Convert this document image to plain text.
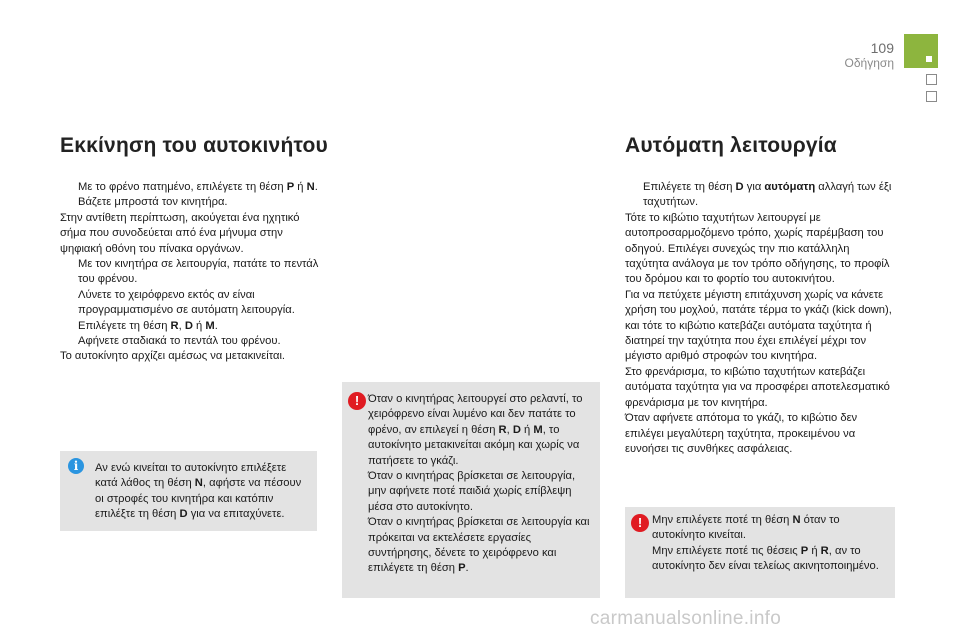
109
Οδήγηση
Εκκίνηση του αυτοκινήτου
Με το φρένο πατημένο, επιλέγετε τη θέση P ή N.
Βάζετε μπροστά τον κινητήρα.

Στην αντίθετη περίπτωση, ακούγεται ένα ηχητικό σήμα που συνοδεύεται από ένα μήνυμα στην ψηφιακή οθόνη του πίνακα οργάνων.

Με τον κινητήρα σε λειτουργία, πατάτε το πεντάλ του φρένου.
Λύνετε το χειρόφρενο εκτός αν είναι προγραμματισμένο σε αυτόματη λειτουργία.
Επιλέγετε τη θέση R, D ή M.
Αφήνετε σταδιακά το πεντάλ του φρένου.

Το αυτοκίνητο αρχίζει αμέσως να μετακινείται.

i	Αν ενώ κινείται το αυτοκίνητο επιλέξετε κατά λάθος τη θέση N, αφήστε να πέσουν οι στροφές του κινητήρα και κατόπιν επιλέξτε τη θέση D για να επιταχύνετε.
! Όταν ο κινητήρας λειτουργεί στο ρελαντί, το χειρόφρενο είναι λυμένο και δεν πατάτε το φρένο, αν επιλεγεί η θέση R, D ή M, το αυτοκίνητο μετακινείται ακόμη και χωρίς να πατήσετε το γκάζι.

Όταν ο κινητήρας βρίσκεται σε λειτουργία, μην αφήνετε ποτέ παιδιά χωρίς επίβλεψη μέσα στο αυτοκίνητο.

Όταν ο κινητήρας βρίσκεται σε λειτουργία και πρόκειται να εκτελέσετε εργασίες συντήρησης, δένετε το χειρόφρενο και επιλέγετε τη θέση P.

Αυτόματη λειτουργία
Επιλέγετε τη θέση D για αυτόματη αλλαγή των έξι ταχυτήτων.

Τότε το κιβώτιο ταχυτήτων λειτουργεί με αυτοπροσαρμοζόμενο τρόπο, χωρίς παρέμβαση του οδηγού. Επιλέγει συνεχώς την πιο κατάλληλη ταχύτητα ανάλογα με τον τρόπο οδήγησης, το προφίλ του δρόμου και το φορτίο του αυτοκινήτου.

Για να πετύχετε μέγιστη επιτάχυνση χωρίς να κάνετε χρήση του μοχλού, πατάτε τέρμα το γκάζι (kick down), και τότε το κιβώτιο κατεβάζει αυτόματα ταχύτητα ή διατηρεί την ταχύτητα που έχει επιλέγεί μέχρι τον μέγιστο αριθμό στροφών του κινητήρα.

Στο φρενάρισμα, το κιβώτιο ταχυτήτων κατεβάζει αυτόματα ταχύτητα για να προσφέρει αποτελεσματικό φρενάρισμα με τον κινητήρα.

Όταν αφήνετε απότομα το γκάζι, το κιβώτιο δεν επιλέγει μεγαλύτερη ταχύτητα, προκειμένου να ευνοήσει τις συνθήκες ασφάλειας.

! Μην επιλέγετε ποτέ τη θέση N όταν το αυτοκίνητο κινείται.

Μην επιλέγετε ποτέ τις θέσεις P ή R, αν το αυτοκίνητο δεν είναι τελείως ακινητοποιημένο.

carmanualsonline.info
